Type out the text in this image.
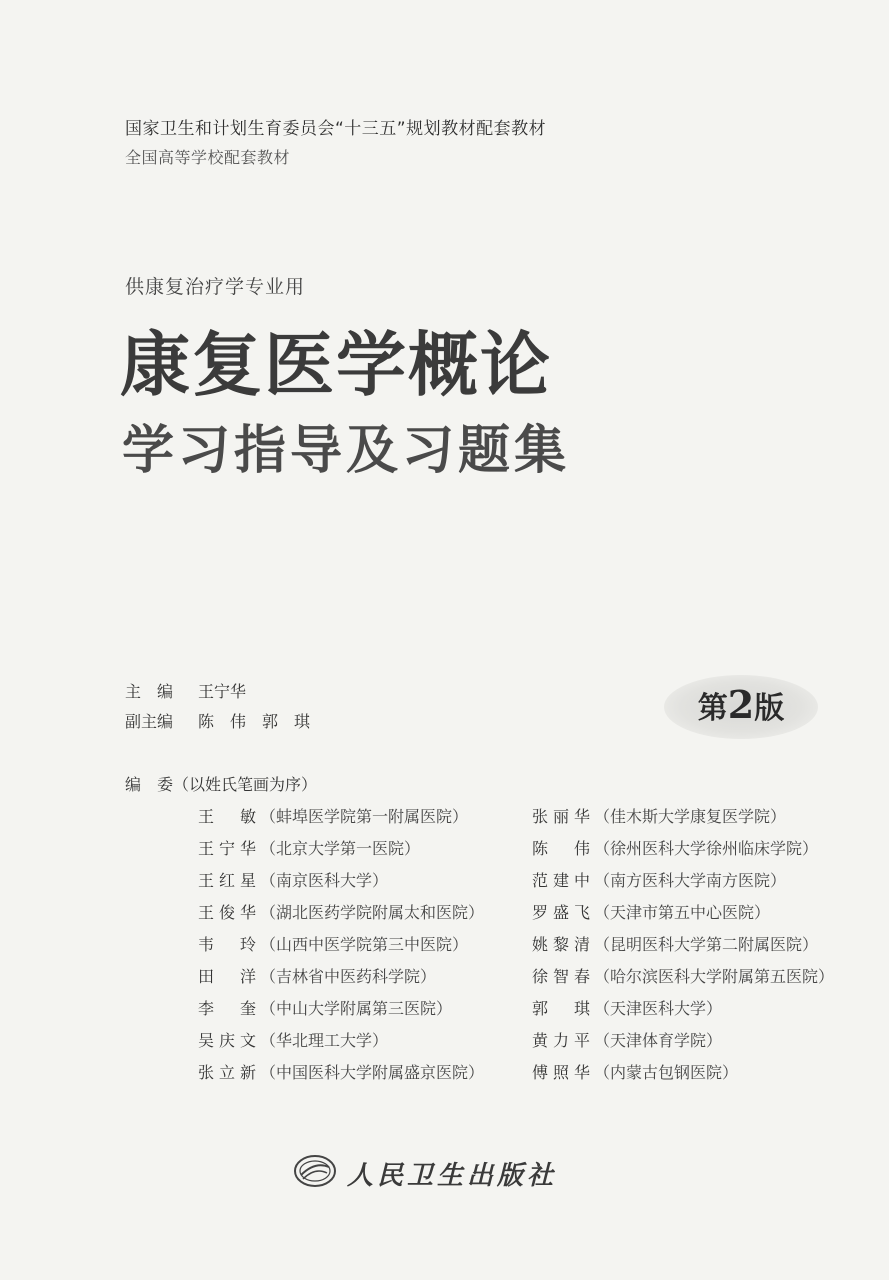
国家卫生和计划生育委员会“十三五”规划教材配套教材
全国高等学校配套教材
供康复治疗学专业用
康复医学概论
学习指导及习题集
主　编 王宁华
副主编 陈　伟　郭　琪	第2版
编　委（以姓氏笔画为序）
王敏 （蚌埠医学院第一附属医院）
王宁华 （北京大学第一医院）
王红星 （南京医科大学）
王俊华 （湖北医药学院附属太和医院）
韦玲 （山西中医学院第三中医院）
田洋 （吉林省中医药科学院）
李奎 （中山大学附属第三医院）
吴庆文 （华北理工大学）
张立新 （中国医科大学附属盛京医院）
张丽华 （佳木斯大学康复医学院）
陈伟 （徐州医科大学徐州临床学院）
范建中 （南方医科大学南方医院）
罗盛飞 （天津市第五中心医院）
姚黎清 （昆明医科大学第二附属医院）
徐智春 （哈尔滨医科大学附属第五医院）
郭琪 （天津医科大学）
黄力平 （天津体育学院）
傅照华 （内蒙古包钢医院）
人民卫生出版社
